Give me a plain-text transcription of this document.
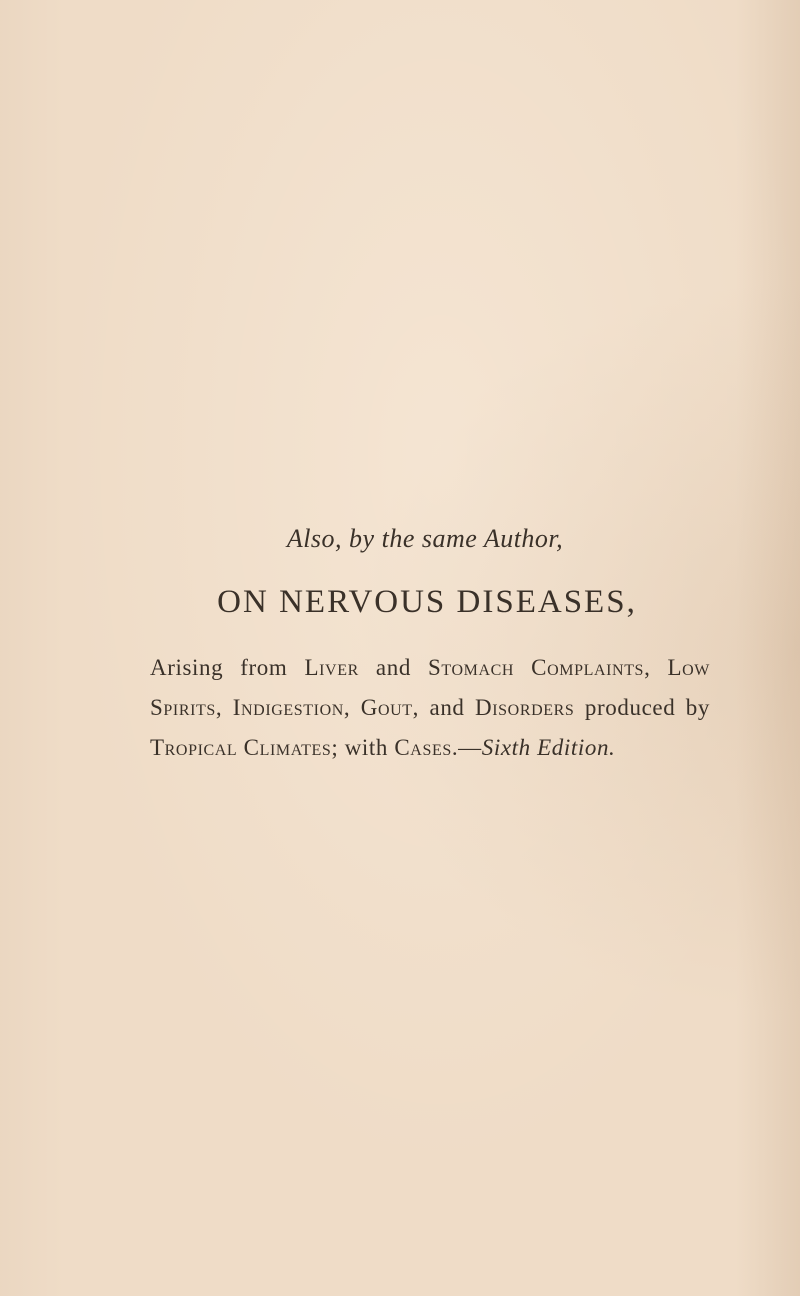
Also, by the same Author,
ON NERVOUS DISEASES,
Arising from Liver and Stomach Complaints, Low
Spirits, Indigestion, Gout, and Disorders produced by
Tropical Climates; with Cases.—Sixth Edition.
